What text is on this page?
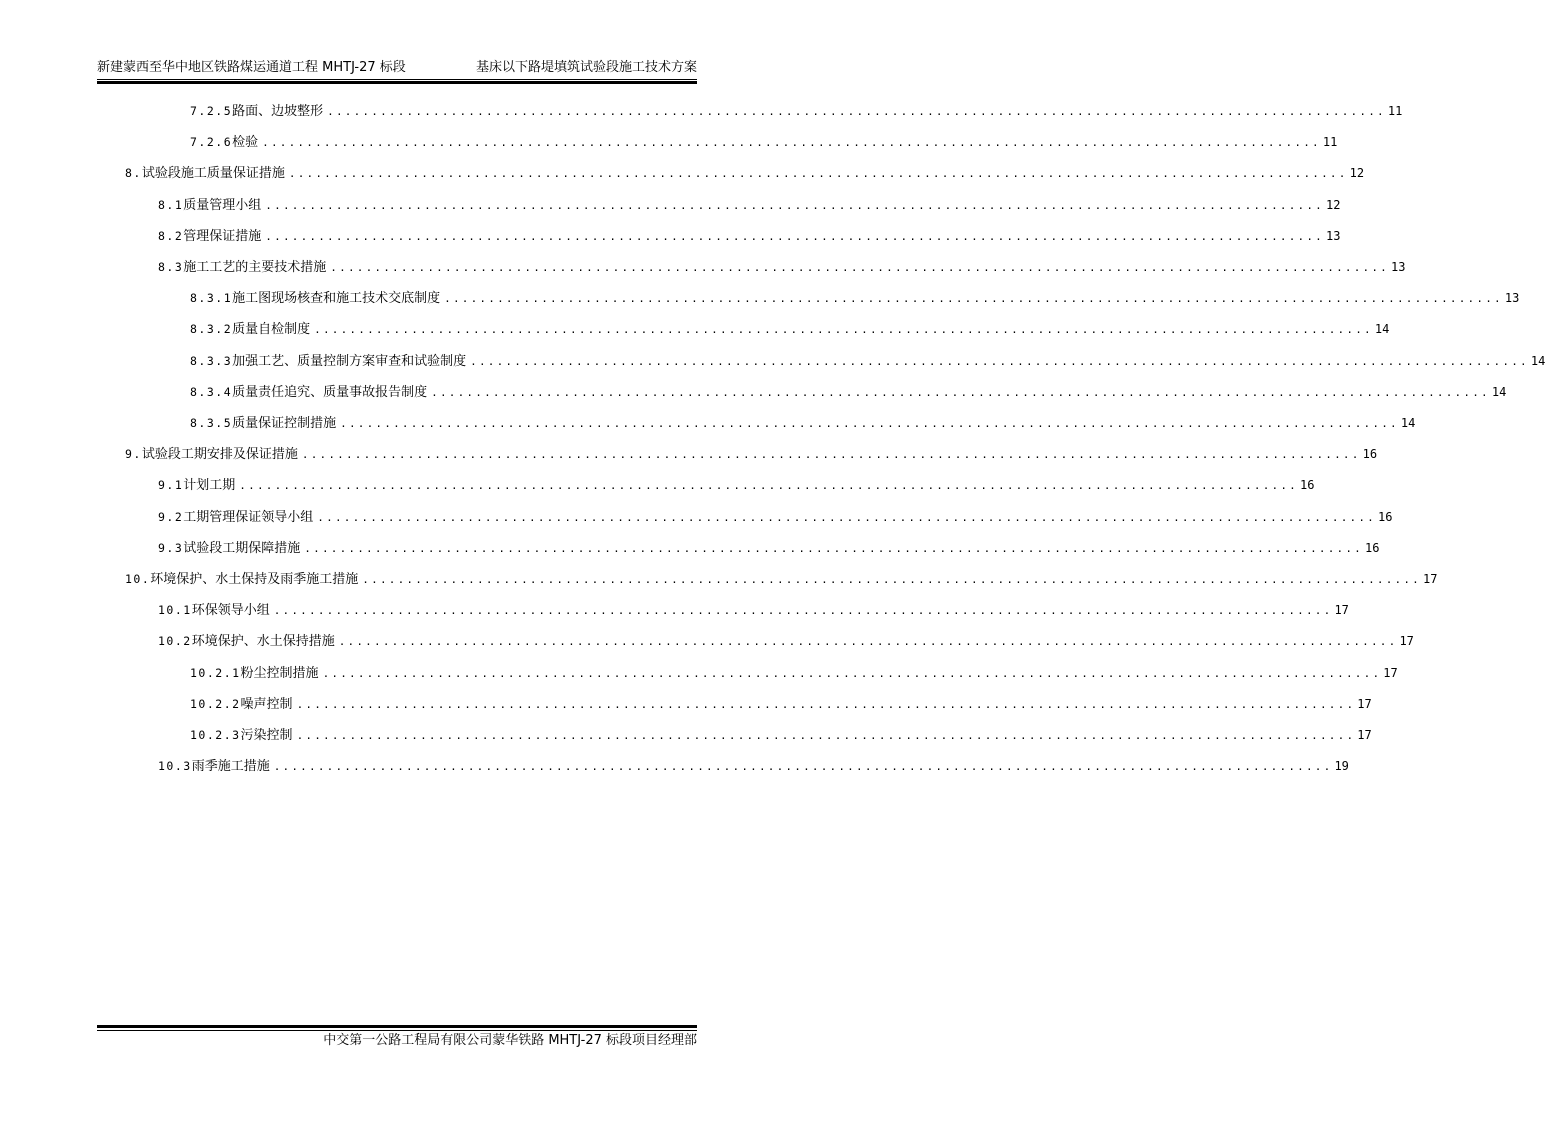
新建蒙西至华中地区铁路煤运通道工程 MHTJ-27 标段	基床以下路堤填筑试验段施工技术方案
7.2.5 路面、边坡整形 ........................................................................................................................ 11
7.2.6 检验 ........................................................................................................................ 11
8. 试验段施工质量保证措施 ........................................................................................................................ 12
8.1 质量管理小组 ........................................................................................................................ 12
8.2 管理保证措施 ........................................................................................................................ 13
8.3 施工工艺的主要技术措施 ........................................................................................................................ 13
8.3.1 施工图现场核查和施工技术交底制度 ........................................................................................................................ 13
8.3.2 质量自检制度 ........................................................................................................................ 14
8.3.3 加强工艺、质量控制方案审查和试验制度 ........................................................................................................................ 14
8.3.4 质量责任追究、质量事故报告制度 ........................................................................................................................ 14
8.3.5 质量保证控制措施 ........................................................................................................................ 14
9. 试验段工期安排及保证措施 ........................................................................................................................ 16
9.1 计划工期 ........................................................................................................................ 16
9.2 工期管理保证领导小组 ........................................................................................................................ 16
9.3 试验段工期保障措施 ........................................................................................................................ 16
10. 环境保护、水土保持及雨季施工措施 ........................................................................................................................ 17
10.1 环保领导小组 ........................................................................................................................ 17
10.2 环境保护、水土保持措施 ........................................................................................................................ 17
10.2.1 粉尘控制措施 ........................................................................................................................ 17
10.2.2 噪声控制 ........................................................................................................................ 17
10.2.3 污染控制 ........................................................................................................................ 17
10.3 雨季施工措施 ........................................................................................................................ 19
中交第一公路工程局有限公司蒙华铁路 MHTJ-27 标段项目经理部
